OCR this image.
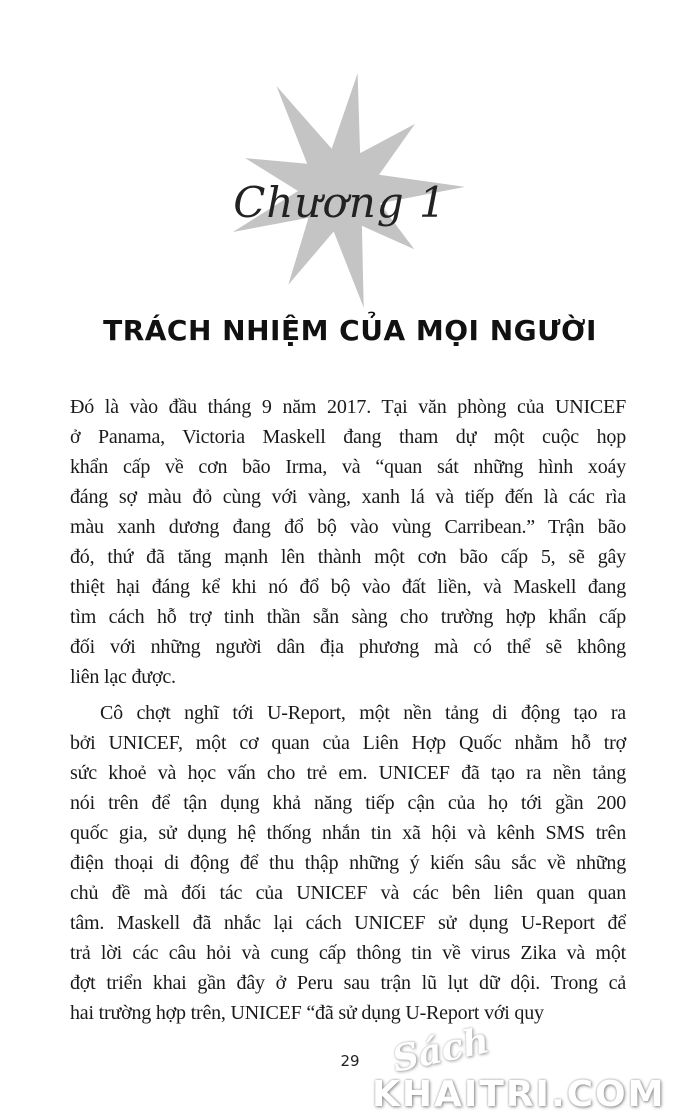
Chương 1
TRÁCH NHIỆM CỦA MỌI NGƯỜI
Đó là vào đầu tháng 9 năm 2017. Tại văn phòng của UNICEF
ở Panama, Victoria Maskell đang tham dự một cuộc họp
khẩn cấp về cơn bão Irma, và “quan sát những hình xoáy
đáng sợ màu đỏ cùng với vàng, xanh lá và tiếp đến là các rìa
màu xanh dương đang đổ bộ vào vùng Carribean.” Trận bão
đó, thứ đã tăng mạnh lên thành một cơn bão cấp 5, sẽ gây
thiệt hại đáng kể khi nó đổ bộ vào đất liền, và Maskell đang
tìm cách hỗ trợ tinh thần sẵn sàng cho trường hợp khẩn cấp
đối với những người dân địa phương mà có thể sẽ không
liên lạc được.
Cô chợt nghĩ tới U-Report, một nền tảng di động tạo ra
bởi UNICEF, một cơ quan của Liên Hợp Quốc nhằm hỗ trợ
sức khoẻ và học vấn cho trẻ em. UNICEF đã tạo ra nền tảng
nói trên để tận dụng khả năng tiếp cận của họ tới gần 200
quốc gia, sử dụng hệ thống nhắn tin xã hội và kênh SMS trên
điện thoại di động để thu thập những ý kiến sâu sắc về những
chủ đề mà đối tác của UNICEF và các bên liên quan quan
tâm. Maskell đã nhắc lại cách UNICEF sử dụng U-Report để
trả lời các câu hỏi và cung cấp thông tin về virus Zika và một
đợt triển khai gần đây ở Peru sau trận lũ lụt dữ dội. Trong cả
hai trường hợp trên, UNICEF “đã sử dụng U-Report với quy
29 Sách
KHAITRI.COM
